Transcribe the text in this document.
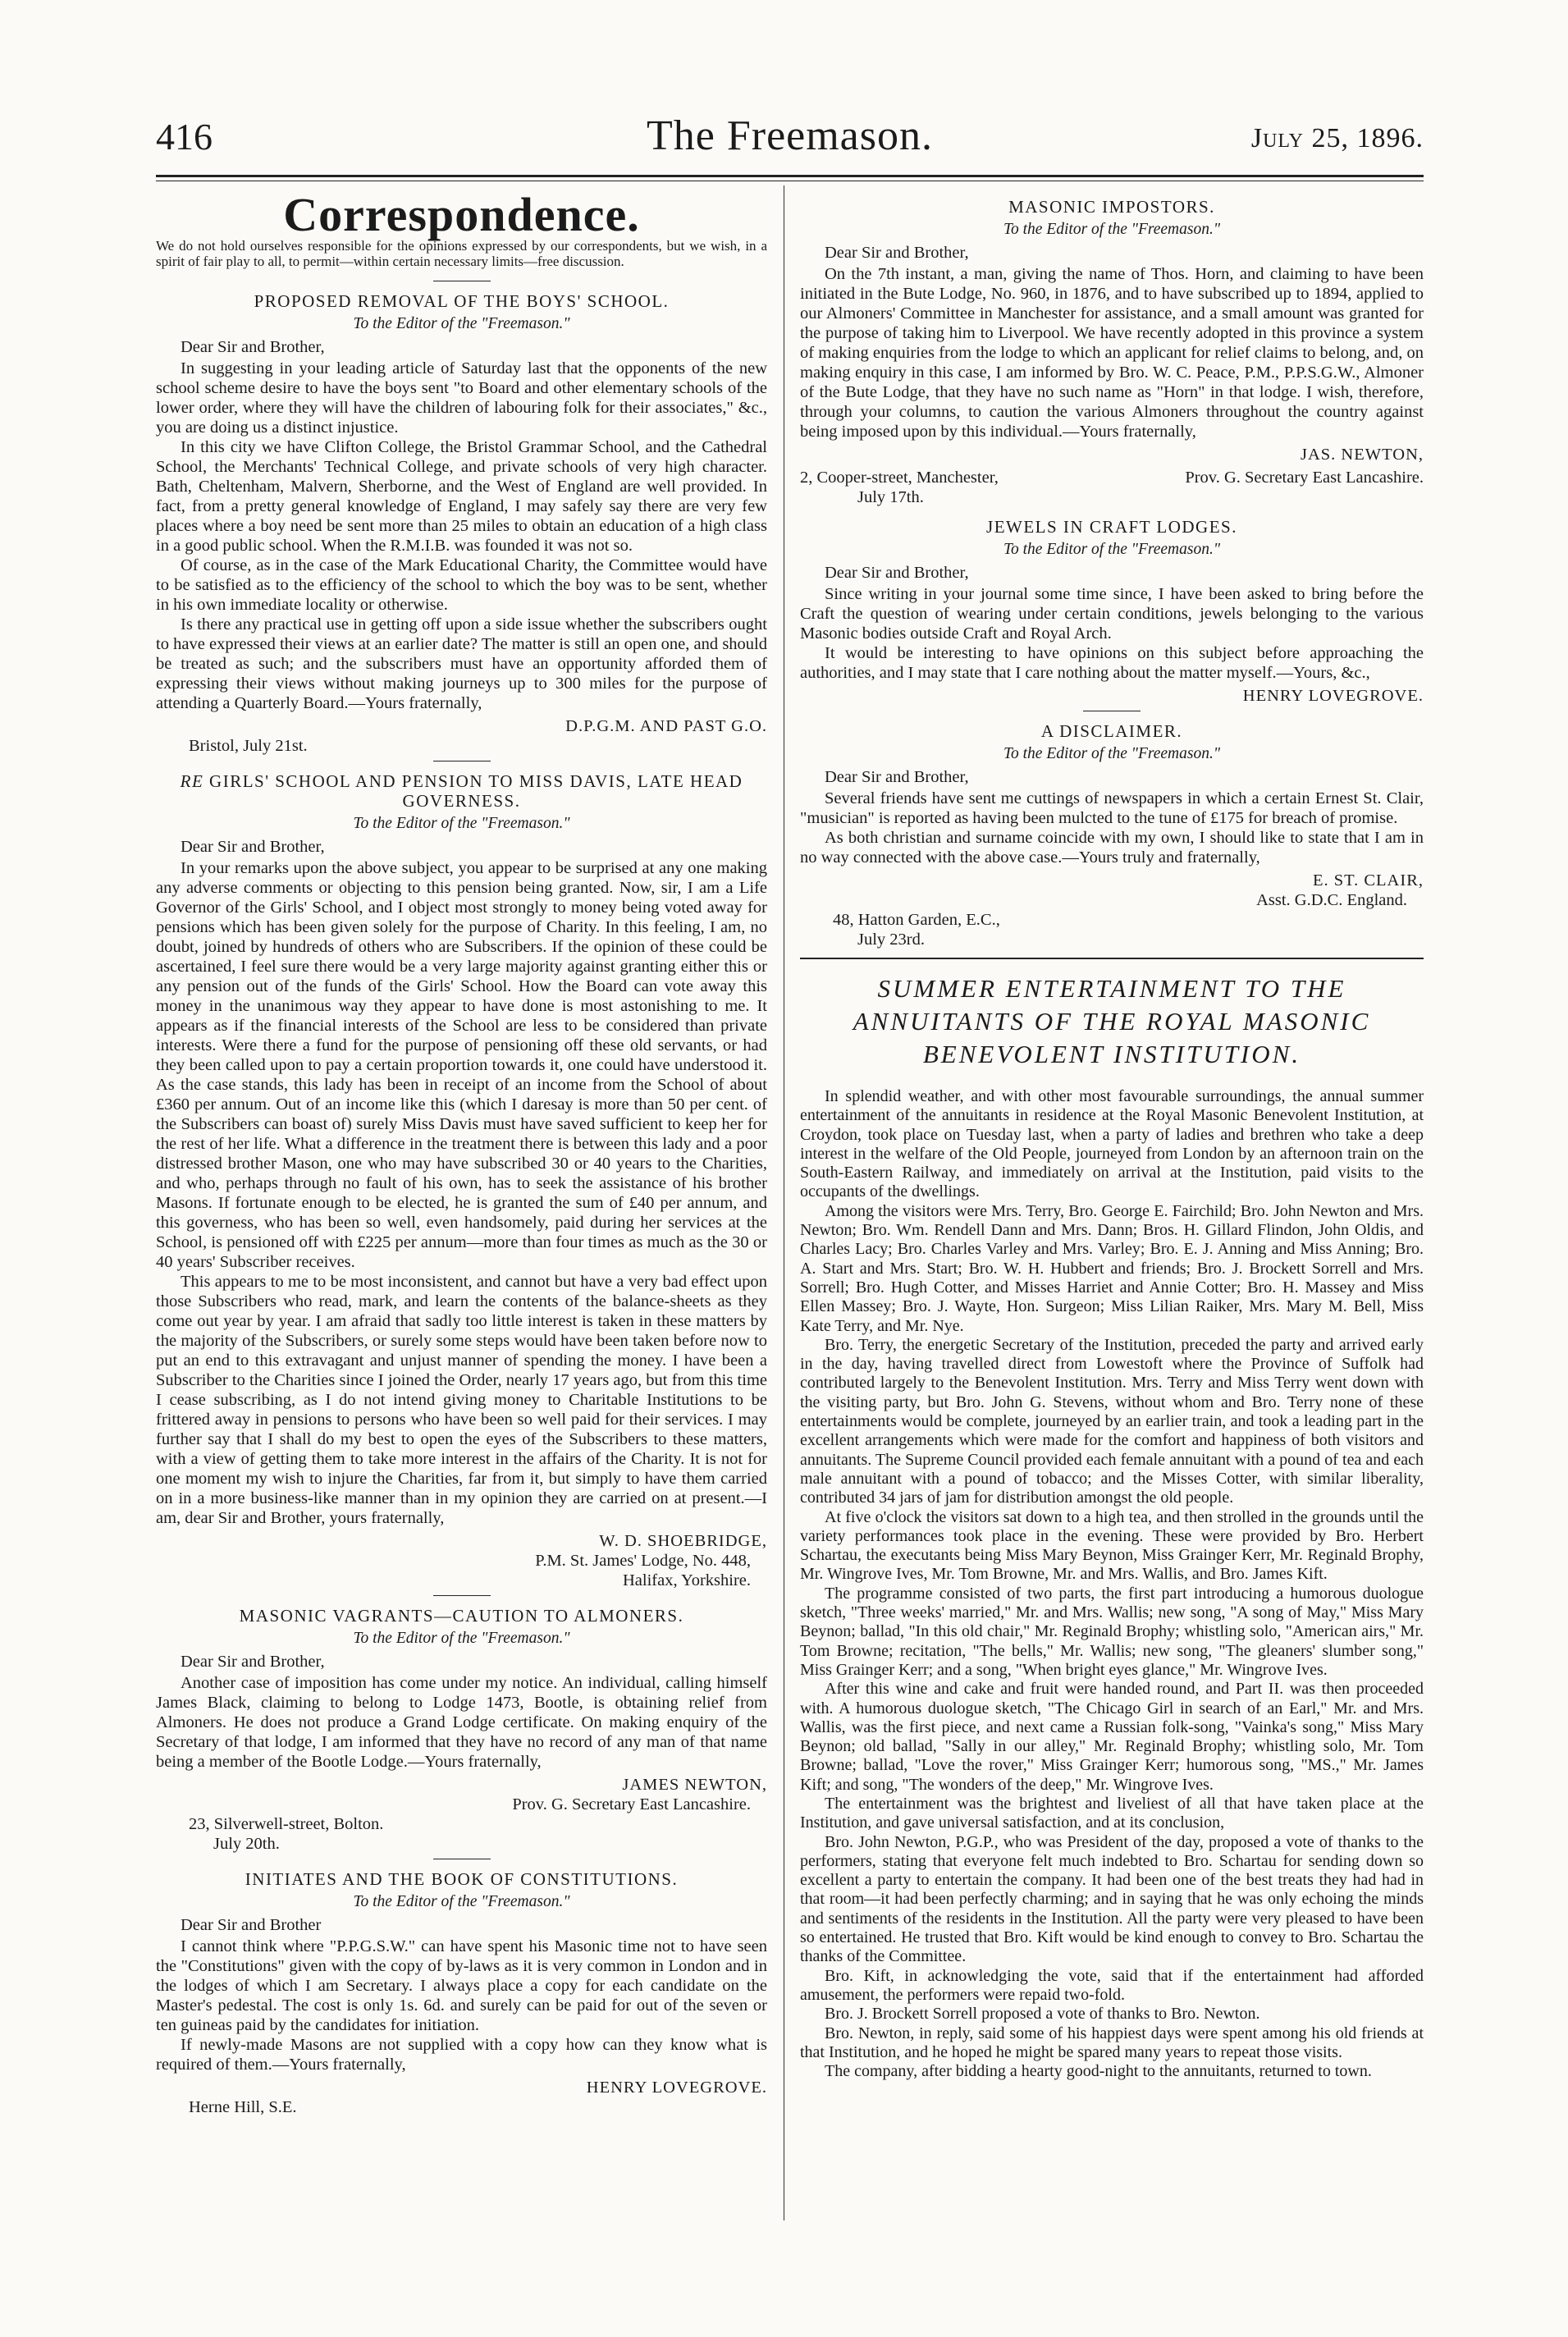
416	The Freemason.	July 25, 1896.
Correspondence.
We do not hold ourselves responsible for the opinions expressed by our correspondents, but we wish, in a spirit of fair play to all, to permit—within certain necessary limits—free discussion.
PROPOSED REMOVAL OF THE BOYS' SCHOOL.
To the Editor of the "Freemason."
Dear Sir and Brother,

In suggesting in your leading article of Saturday last that the opponents of the new school scheme desire to have the boys sent "to Board and other elementary schools of the lower order, where they will have the children of labouring folk for their associates," &c., you are doing us a distinct injustice.

In this city we have Clifton College, the Bristol Grammar School, and the Cathedral School, the Merchants' Technical College, and private schools of very high character. Bath, Cheltenham, Malvern, Sherborne, and the West of England are well provided. In fact, from a pretty general knowledge of England, I may safely say there are very few places where a boy need be sent more than 25 miles to obtain an education of a high class in a good public school. When the R.M.I.B. was founded it was not so.

Of course, as in the case of the Mark Educational Charity, the Committee would have to be satisfied as to the efficiency of the school to which the boy was to be sent, whether in his own immediate locality or otherwise.

Is there any practical use in getting off upon a side issue whether the subscribers ought to have expressed their views at an earlier date? The matter is still an open one, and should be treated as such; and the subscribers must have an opportunity afforded them of expressing their views without making journeys up to 300 miles for the purpose of attending a Quarterly Board.—Yours fraternally,

D.P.G.M. AND PAST G.O.
Bristol, July 21st.
RE GIRLS' SCHOOL AND PENSION TO MISS DAVIS, LATE HEAD GOVERNESS.
To the Editor of the "Freemason."
Dear Sir and Brother,

In your remarks upon the above subject, you appear to be surprised at any one making any adverse comments or objecting to this pension being granted. Now, sir, I am a Life Governor of the Girls' School, and I object most strongly to money being voted away for pensions which has been given solely for the purpose of Charity. In this feeling, I am, no doubt, joined by hundreds of others who are Subscribers. If the opinion of these could be ascertained, I feel sure there would be a very large majority against granting either this or any pension out of the funds of the Girls' School. How the Board can vote away this money in the unanimous way they appear to have done is most astonishing to me. It appears as if the financial interests of the School are less to be considered than private interests. Were there a fund for the purpose of pensioning off these old servants, or had they been called upon to pay a certain proportion towards it, one could have understood it. As the case stands, this lady has been in receipt of an income from the School of about £360 per annum. Out of an income like this (which I daresay is more than 50 per cent. of the Subscribers can boast of) surely Miss Davis must have saved sufficient to keep her for the rest of her life. What a difference in the treatment there is between this lady and a poor distressed brother Mason, one who may have subscribed 30 or 40 years to the Charities, and who, perhaps through no fault of his own, has to seek the assistance of his brother Masons. If fortunate enough to be elected, he is granted the sum of £40 per annum, and this governess, who has been so well, even handsomely, paid during her services at the School, is pensioned off with £225 per annum—more than four times as much as the 30 or 40 years' Subscriber receives.

This appears to me to be most inconsistent, and cannot but have a very bad effect upon those Subscribers who read, mark, and learn the contents of the balance-sheets as they come out year by year. I am afraid that sadly too little interest is taken in these matters by the majority of the Subscribers, or surely some steps would have been taken before now to put an end to this extravagant and unjust manner of spending the money. I have been a Subscriber to the Charities since I joined the Order, nearly 17 years ago, but from this time I cease subscribing, as I do not intend giving money to Charitable Institutions to be frittered away in pensions to persons who have been so well paid for their services. I may further say that I shall do my best to open the eyes of the Subscribers to these matters, with a view of getting them to take more interest in the affairs of the Charity. It is not for one moment my wish to injure the Charities, far from it, but simply to have them carried on in a more business-like manner than in my opinion they are carried on at present.—I am, dear Sir and Brother, yours fraternally,

W. D. SHOEBRIDGE,
P.M. St. James' Lodge, No. 448,
Halifax, Yorkshire.
MASONIC VAGRANTS—CAUTION TO ALMONERS.
To the Editor of the "Freemason."
Dear Sir and Brother,

Another case of imposition has come under my notice. An individual, calling himself James Black, claiming to belong to Lodge 1473, Bootle, is obtaining relief from Almoners. He does not produce a Grand Lodge certificate. On making enquiry of the Secretary of that lodge, I am informed that they have no record of any man of that name being a member of the Bootle Lodge.—Yours fraternally,

JAMES NEWTON,
Prov. G. Secretary East Lancashire.
23, Silverwell-street, Bolton.
July 20th.
INITIATES AND THE BOOK OF CONSTITUTIONS.
To the Editor of the "Freemason."
Dear Sir and Brother

I cannot think where "P.P.G.S.W." can have spent his Masonic time not to have seen the "Constitutions" given with the copy of by-laws as it is very common in London and in the lodges of which I am Secretary. I always place a copy for each candidate on the Master's pedestal. The cost is only 1s. 6d. and surely can be paid for out of the seven or ten guineas paid by the candidates for initiation.

If newly-made Masons are not supplied with a copy how can they know what is required of them.—Yours fraternally,

HENRY LOVEGROVE.
Herne Hill, S.E.
MASONIC IMPOSTORS.
To the Editor of the "Freemason."
Dear Sir and Brother,

On the 7th instant, a man, giving the name of Thos. Horn, and claiming to have been initiated in the Bute Lodge, No. 960, in 1876, and to have subscribed up to 1894, applied to our Almoners' Committee in Manchester for assistance, and a small amount was granted for the purpose of taking him to Liverpool. We have recently adopted in this province a system of making enquiries from the lodge to which an applicant for relief claims to belong, and, on making enquiry in this case, I am informed by Bro. W. C. Peace, P.M., P.P.S.G.W., Almoner of the Bute Lodge, that they have no such name as "Horn" in that lodge. I wish, therefore, through your columns, to caution the various Almoners throughout the country against being imposed upon by this individual.—Yours fraternally,

JAS. NEWTON,
2, Cooper-street, Manchester,	Prov. G. Secretary East Lancashire.
July 17th.
JEWELS IN CRAFT LODGES.
To the Editor of the "Freemason."
Dear Sir and Brother,

Since writing in your journal some time since, I have been asked to bring before the Craft the question of wearing under certain conditions, jewels belonging to the various Masonic bodies outside Craft and Royal Arch.

It would be interesting to have opinions on this subject before approaching the authorities, and I may state that I care nothing about the matter myself.—Yours, &c.,

HENRY LOVEGROVE.
A DISCLAIMER.
To the Editor of the "Freemason."
Dear Sir and Brother,

Several friends have sent me cuttings of newspapers in which a certain Ernest St. Clair, "musician" is reported as having been mulcted to the tune of £175 for breach of promise.

As both christian and surname coincide with my own, I should like to state that I am in no way connected with the above case.—Yours truly and fraternally,

E. ST. CLAIR,
Asst. G.D.C. England.
48, Hatton Garden, E.C.,
July 23rd.
SUMMER ENTERTAINMENT TO THE ANNUITANTS OF THE ROYAL MASONIC BENEVOLENT INSTITUTION.

In splendid weather, and with other most favourable surroundings, the annual summer entertainment of the annuitants in residence at the Royal Masonic Benevolent Institution, at Croydon, took place on Tuesday last, when a party of ladies and brethren who take a deep interest in the welfare of the Old People, journeyed from London by an afternoon train on the South-Eastern Railway, and immediately on arrival at the Institution, paid visits to the occupants of the dwellings.

Among the visitors were Mrs. Terry, Bro. George E. Fairchild; Bro. John Newton and Mrs. Newton; Bro. Wm. Rendell Dann and Mrs. Dann; Bros. H. Gillard Flindon, John Oldis, and Charles Lacy; Bro. Charles Varley and Mrs. Varley; Bro. E. J. Anning and Miss Anning; Bro. A. Start and Mrs. Start; Bro. W. H. Hubbert and friends; Bro. J. Brockett Sorrell and Mrs. Sorrell; Bro. Hugh Cotter, and Misses Harriet and Annie Cotter; Bro. H. Massey and Miss Ellen Massey; Bro. J. Wayte, Hon. Surgeon; Miss Lilian Raiker, Mrs. Mary M. Bell, Miss Kate Terry, and Mr. Nye.

Bro. Terry, the energetic Secretary of the Institution, preceded the party and arrived early in the day, having travelled direct from Lowestoft where the Province of Suffolk had contributed largely to the Benevolent Institution. Mrs. Terry and Miss Terry went down with the visiting party, but Bro. John G. Stevens, without whom and Bro. Terry none of these entertainments would be complete, journeyed by an earlier train, and took a leading part in the excellent arrangements which were made for the comfort and happiness of both visitors and annuitants. The Supreme Council provided each female annuitant with a pound of tea and each male annuitant with a pound of tobacco; and the Misses Cotter, with similar liberality, contributed 34 jars of jam for distribution amongst the old people.

At five o'clock the visitors sat down to a high tea, and then strolled in the grounds until the variety performances took place in the evening. These were provided by Bro. Herbert Schartau, the executants being Miss Mary Beynon, Miss Grainger Kerr, Mr. Reginald Brophy, Mr. Wingrove Ives, Mr. Tom Browne, Mr. and Mrs. Wallis, and Bro. James Kift.

The programme consisted of two parts, the first part introducing a humorous duologue sketch, "Three weeks' married," Mr. and Mrs. Wallis; new song, "A song of May," Miss Mary Beynon; ballad, "In this old chair," Mr. Reginald Brophy; whistling solo, "American airs," Mr. Tom Browne; recitation, "The bells," Mr. Wallis; new song, "The gleaners' slumber song," Miss Grainger Kerr; and a song, "When bright eyes glance," Mr. Wingrove Ives.

After this wine and cake and fruit were handed round, and Part II. was then proceeded with. A humorous duologue sketch, "The Chicago Girl in search of an Earl," Mr. and Mrs. Wallis, was the first piece, and next came a Russian folk-song, "Vainka's song," Miss Mary Beynon; old ballad, "Sally in our alley," Mr. Reginald Brophy; whistling solo, Mr. Tom Browne; ballad, "Love the rover," Miss Grainger Kerr; humorous song, "MS.," Mr. James Kift; and song, "The wonders of the deep," Mr. Wingrove Ives.

The entertainment was the brightest and liveliest of all that have taken place at the Institution, and gave universal satisfaction, and at its conclusion,

Bro. John Newton, P.G.P., who was President of the day, proposed a vote of thanks to the performers, stating that everyone felt much indebted to Bro. Schartau for sending down so excellent a party to entertain the company. It had been one of the best treats they had had in that room—it had been perfectly charming; and in saying that he was only echoing the minds and sentiments of the residents in the Institution. All the party were very pleased to have been so entertained. He trusted that Bro. Kift would be kind enough to convey to Bro. Schartau the thanks of the Committee.

Bro. Kift, in acknowledging the vote, said that if the entertainment had afforded amusement, the performers were repaid two-fold.

Bro. J. Brockett Sorrell proposed a vote of thanks to Bro. Newton.

Bro. Newton, in reply, said some of his happiest days were spent among his old friends at that Institution, and he hoped he might be spared many years to repeat those visits.

The company, after bidding a hearty good-night to the annuitants, returned to town.
